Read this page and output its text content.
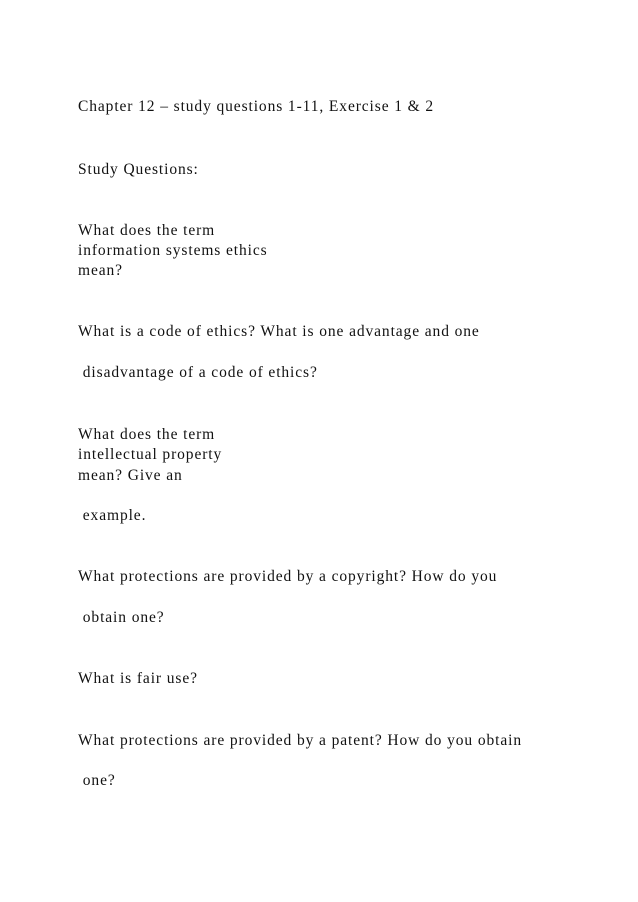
Chapter 12 – study questions 1-11, Exercise 1 & 2

Study Questions:

What does the term

information systems ethics

mean?

What is a code of ethics? What is one advantage and one

disadvantage of a code of ethics?

What does the term

intellectual property

mean? Give an

example.

What protections are provided by a copyright? How do you

obtain one?

What is fair use?

What protections are provided by a patent? How do you obtain

one?
